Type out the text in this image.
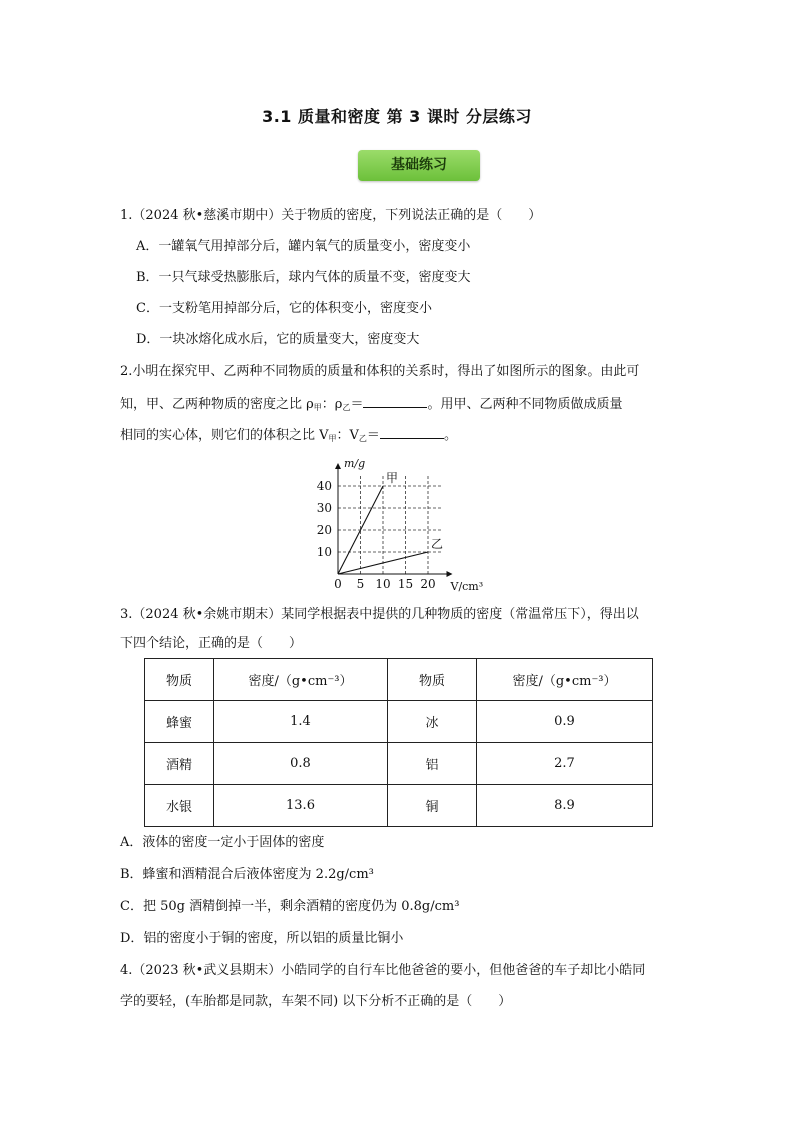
3.1 质量和密度 第 3 课时 分层练习
基础练习
1.（2024 秋•慈溪市期中）关于物质的密度，下列说法正确的是（　　）
A．一罐氧气用掉部分后，罐内氧气的质量变小，密度变小
B．一只气球受热膨胀后，球内气体的质量不变，密度变大
C．一支粉笔用掉部分后，它的体积变小，密度变小
D．一块冰熔化成水后，它的质量变大，密度变大
2.小明在探究甲、乙两种不同物质的质量和体积的关系时，得出了如图所示的图象。由此可
知，甲、乙两种物质的密度之比 $\rho_甲$：$\rho_乙=$	。用甲、乙两种不同物质做成质量
相同的实心体，则它们的体积之比 $V_甲$：$V_乙=$	。
0 5 10 15 20
10
20
30
40
m/g
V/cm³
甲
乙
3.（2024 秋•余姚市期末）某同学根据表中提供的几种物质的密度（常温常压下），得出以
下四个结论，正确的是（　　）
物质	密度/（g•cm⁻³）	物质	密度/（g•cm⁻³）
蜂蜜	1.4	冰	0.9
酒精	0.8	铝	2.7
水银	13.6	铜	8.9
A．液体的密度一定小于固体的密度
B．蜂蜜和酒精混合后液体密度为 2.2g/cm³
C．把 50g 酒精倒掉一半，剩余酒精的密度仍为 0.8g/cm³
D．铝的密度小于铜的密度，所以铝的质量比铜小
4.（2023 秋•武义县期末）小皓同学的自行车比他爸爸的要小，但他爸爸的车子却比小皓同
学的要轻，(车胎都是同款，车架不同) 以下分析不正确的是（　　）
